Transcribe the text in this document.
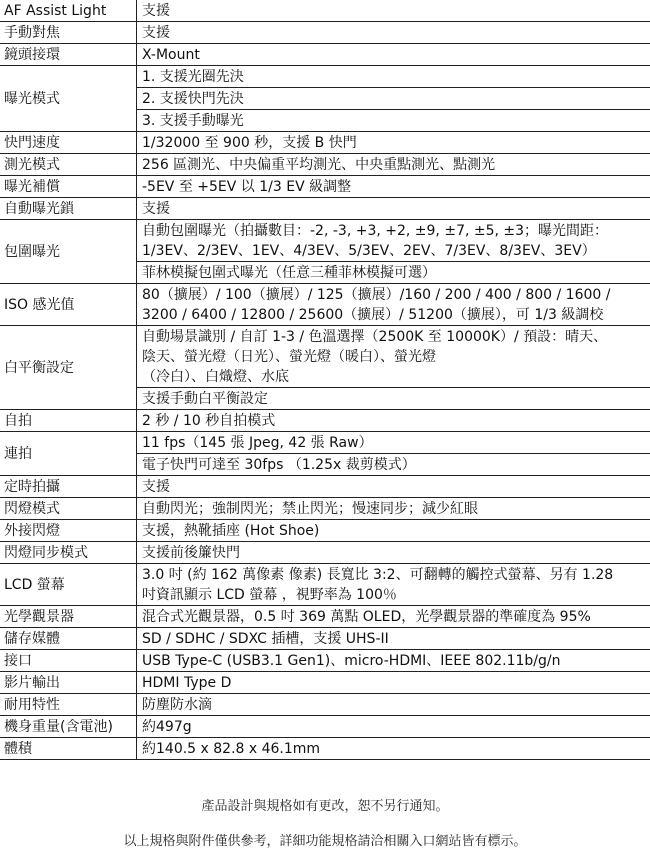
AF Assist Light	支援

手動對焦	支援

鏡頭接環	X-Mount

曝光模式	1. 支援光圈先決

	2. 支援快門先決

	3. 支援手動曝光

快門速度	1/32000 至 900 秒，支援 B 快門

測光模式	256 區測光、中央偏重平均測光、中央重點測光、點測光

曝光補償	-5EV 至 +5EV 以 1/3 EV 級調整

自動曝光鎖	支援

包圍曝光	自動包圍曝光（拍攝數目：-2, -3, +3, +2, ±9, ±7, ±5, ±3；曝光間距：
1/3EV、2/3EV、1EV、4/3EV、5/3EV、2EV、7/3EV、8/3EV、3EV）

	菲林模擬包圍式曝光（任意三種菲林模擬可選）

ISO 感光值	80（擴展）/ 100（擴展）/ 125（擴展）/160 / 200 / 400 / 800 / 1600 /
3200 / 6400 / 12800 / 25600（擴展）/ 51200（擴展），可 1/3 級調校

白平衡設定	自動場景識別 / 自訂 1-3 / 色溫選擇（2500K 至 10000K）/ 預設：晴天、
陰天、螢光燈（日光）、螢光燈（暖白）、螢光燈
（冷白）、白熾燈、水底

	支援手動白平衡設定

自拍	2 秒 / 10 秒自拍模式

連拍	11 fps（145 張 Jpeg, 42 張 Raw）

	電子快門可達至 30fps （1.25x 裁剪模式）

定時拍攝	支援

閃燈模式	自動閃光；強制閃光；禁止閃光；慢速同步；減少紅眼

外接閃燈	支援，熱靴插座 (Hot Shoe)

閃燈同步模式	支援前後簾快門

LCD 螢幕	3.0 吋 (約 162 萬像素 像素) 長寬比 3:2、可翻轉的觸控式螢幕、另有 1.28
吋資訊顯示 LCD 螢幕 ，視野率為 100％

光學觀景器	混合式光觀景器，0.5 吋 369 萬點 OLED，光學觀景器的準確度為 95%

儲存媒體	SD / SDHC / SDXC 插槽，支援 UHS-II

接口	USB Type-C (USB3.1 Gen1)、micro-HDMI、IEEE 802.11b/g/n

影片輸出	HDMI Type D

耐用特性	防塵防水滴

機身重量(含電池)	約497g

體積	約140.5 x 82.8 x 46.1mm
產品設計與規格如有更改，恕不另行通知。
以上規格與附件僅供參考，詳細功能規格請洽相關入口網站皆有標示。
